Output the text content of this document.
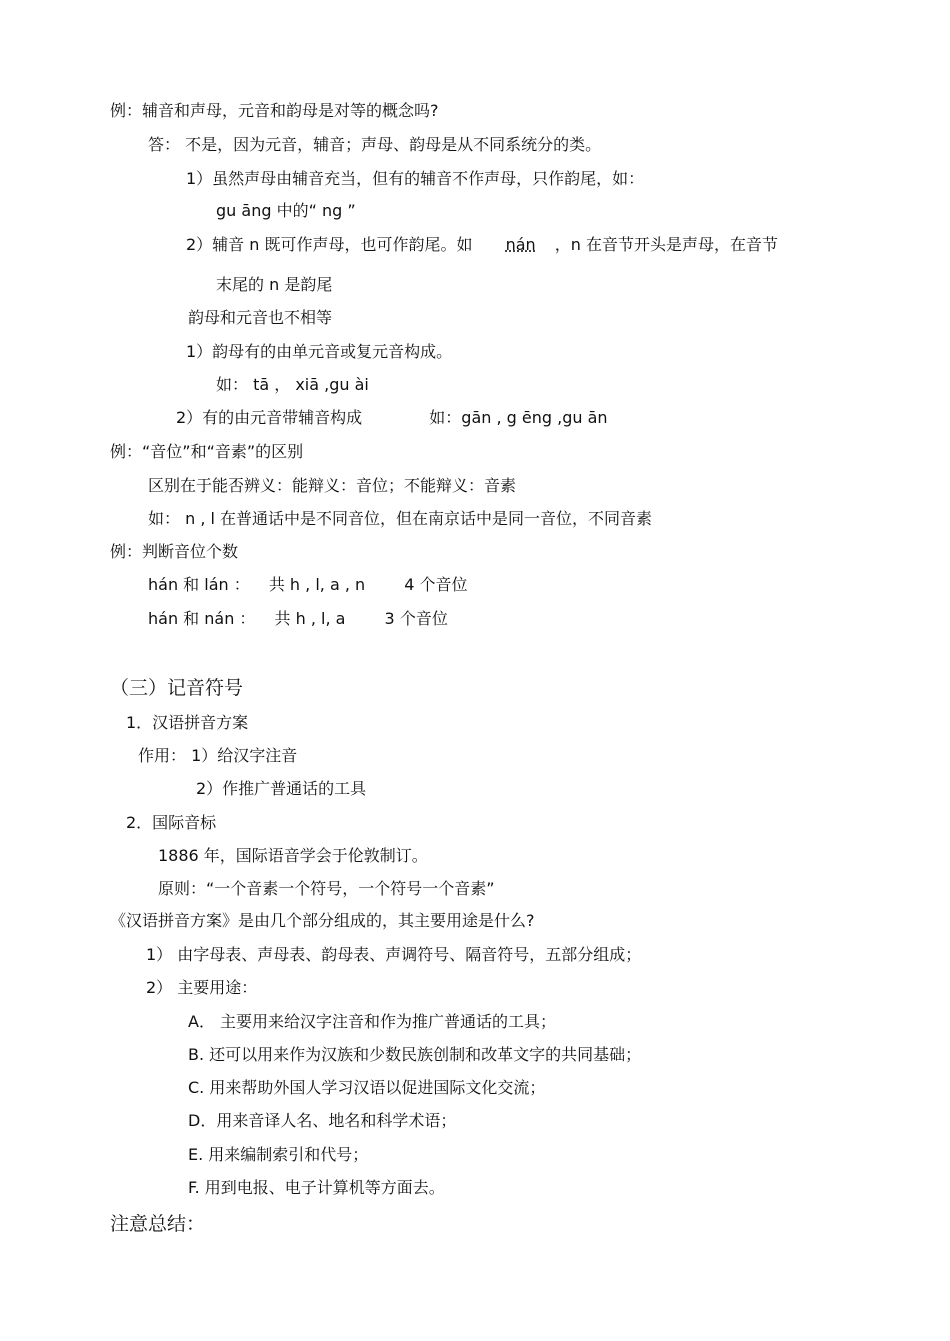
例：辅音和声母，元音和韵母是对等的概念吗?
答： 不是，因为元音，辅音；声母、韵母是从不同系统分的类。
1）虽然声母由辅音充当，但有的辅音不作声母，只作韵尾，如：
gu āng 中的“ ng ”
2）辅音 n 既可作声母，也可作韵尾。如 nán ，n 在音节开头是声母，在音节
末尾的 n 是韵尾
韵母和元音也不相等
1）韵母有的由单元音或复元音构成。
如： tā ， xiā ,gu ài
2）有的由元音带辅音构成	如：gān , g ēng ,gu ān
例：“音位”和“音素”的区别
区别在于能否辨义：能辩义：音位；不能辩义：音素
如： n , l 在普通话中是不同音位，但在南京话中是同一音位，不同音素
例：判断音位个数
hán 和 lán ： 共 h , l, a , n 4 个音位
hán 和 nán ： 共 h , l, a 3 个音位
（三）记音符号
1．汉语拼音方案
作用： 1）给汉字注音
2）作推广普通话的工具
2．国际音标
1886 年，国际语音学会于伦敦制订。
原则：“一个音素一个符号，一个符号一个音素”
《汉语拼音方案》是由几个部分组成的，其主要用途是什么?
1） 由字母表、声母表、韵母表、声调符号、隔音符号，五部分组成；
2） 主要用途：
A． 主要用来给汉字注音和作为推广普通话的工具；
B. 还可以用来作为汉族和少数民族创制和改革文字的共同基础；
C. 用来帮助外国人学习汉语以促进国际文化交流；
D．用来音译人名、地名和科学术语；
E. 用来编制索引和代号；
F. 用到电报、电子计算机等方面去。
注意总结：
